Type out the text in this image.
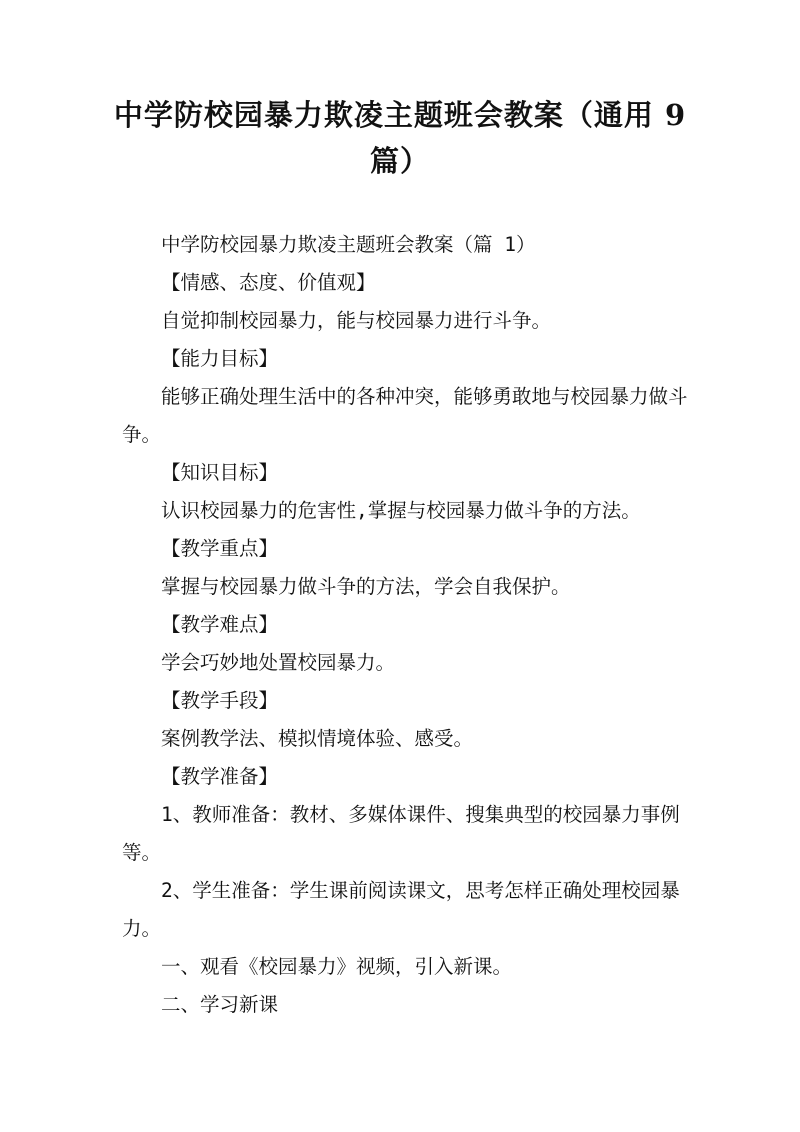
中学防校园暴力欺凌主题班会教案（通用 9 篇）

中学防校园暴力欺凌主题班会教案（篇 1）

【情感、态度、价值观】

自觉抑制校园暴力，能与校园暴力进行斗争。

【能力目标】

能够正确处理生活中的各种冲突，能够勇敢地与校园暴力做斗争。

【知识目标】

认识校园暴力的危害性,掌握与校园暴力做斗争的方法。

【教学重点】

掌握与校园暴力做斗争的方法，学会自我保护。

【教学难点】

学会巧妙地处置校园暴力。

【教学手段】

案例教学法、模拟情境体验、感受。

【教学准备】

1、教师准备：教材、多媒体课件、搜集典型的校园暴力事例等。

2、学生准备：学生课前阅读课文，思考怎样正确处理校园暴力。

一、观看《校园暴力》视频，引入新课。

二、学习新课
